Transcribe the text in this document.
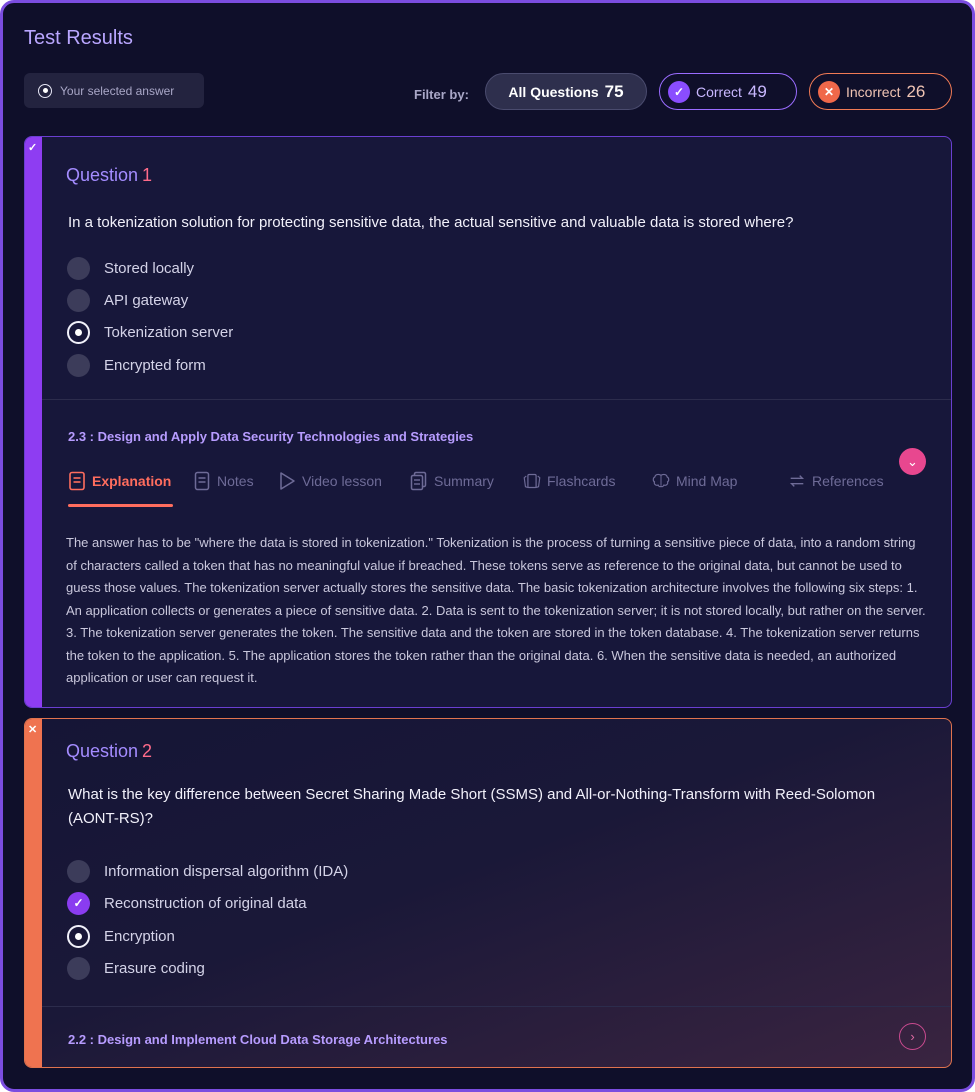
Test Results
Your selected answer	Filter by:	All Questions 75	✓ Correct 49	✕ Incorrect 26
✓
Question 1
In a tokenization solution for protecting sensitive data, the actual sensitive and valuable data is stored where?
Stored locally
API gateway
Tokenization server
Encrypted form
2.3 : Design and Apply Data Security Technologies and Strategies
⌄
Explanation	Notes	Video lesson	Summary	Flashcards	Mind Map	References
The answer has to be "where the data is stored in tokenization." Tokenization is the process of turning a sensitive piece of data, into a random string of characters called a token that has no meaningful value if breached. These tokens serve as reference to the original data, but cannot be used to guess those values. The tokenization server actually stores the sensitive data. The basic tokenization architecture involves the following six steps: 1. An application collects or generates a piece of sensitive data. 2. Data is sent to the tokenization server; it is not stored locally, but rather on the server. 3. The tokenization server generates the token. The sensitive data and the token are stored in the token database. 4. The tokenization server returns the token to the application. 5. The application stores the token rather than the original data. 6. When the sensitive data is needed, an authorized application or user can request it.
✕
Question 2
What is the key difference between Secret Sharing Made Short (SSMS) and All-or-Nothing-Transform with Reed-Solomon (AONT-RS)?
Information dispersal algorithm (IDA)
✓	Reconstruction of original data
Encryption
Erasure coding
2.2 : Design and Implement Cloud Data Storage Architectures	›
